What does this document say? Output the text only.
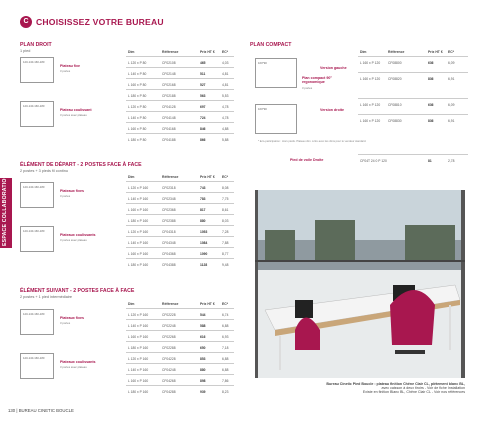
ESPACE COLLABORATION
C CHOISISSEZ VOTRE BUREAU
PLAN DROIT
1 pied
PLAN COMPACT
ÉLÉMENT DE DÉPART - 2 POSTES FACE À FACE
2 postes + 3 pieds fil continu
ÉLÉMENT SUIVANT - 2 POSTES FACE À FACE
2 postes + 1 pied intermédiaire
Bureau Cinetic Pied Boucle : plateau finition Chêne Clair CL, piètement blanc BL,
avec caisson à deux tiroirs - Voir de fiche Installation
Existe en finition Blanc BL, Chêne Clair CL - Voir nos références
130 | BUREAU CINETIC BOUCLE
Dim	Référence	Prix HT € EC*
120-140-160-180
Plateau fixe
3 portes
L 120 x P 80	CF02108	465	4,03
L 140 x P 80	CF02148	511	4,81
L 160 x P 80	CF02168	527	4,81
L 180 x P 80	CF02188	563	5,53
120-140-160-180
Plateau coulissant
3 portes avec plateau
L 120 x P 80	CF04128	697	4,78
L 140 x P 80	CF04148	724	4,78
L 160 x P 80	CF04168	846	4,88
L 180 x P 80	CF04188	866	5,88
Dim	Référence	Prix HT € EC*
120-140-160-180
Plateaux fixes
3 portes
L 120 x P 160	CF02318	743	8,08
L 140 x P 160	CF02348	783	7,75
L 160 x P 160	CF02368	817	8,61
L 180 x P 160	CF02388	880	8,03
120-140-160-180
Plateaux coulissants
3 portes avec plateau
L 120 x P 160	CF04318	1053	7,28
L 140 x P 160	CF04348	1084	7,88
L 160 x P 160	CF04368	1090	8,77
L 180 x P 160	CF04388	1128	9,48
Dim	Référence	Prix HT € EC*
120-140-160-180
Plateaux fixes
3 portes
L 120 x P 160	CF02228	544	6,74
L 140 x P 160	CF02248	588	6,88
L 160 x P 160	CF02268	616	6,93
L 180 x P 160	CF02288	650	7,18
120-140-160-180
Plateaux coulissants
3 portes avec plateau
L 120 x P 160	CF04228	853	6,88
L 140 x P 160	CF04248	880	6,88
L 160 x P 160	CF04268	898	7,86
L 180 x P 160	CF04288	939	8,23
Dim	Référence	Prix HT € EC*
L 160 x P 120 CF08800	636	6,09
Version gauche
L 160 x P 120 CF08820	836	6,91
Plan compact 90° ergonomique
3 portes
L 160 x P 120 CF08810	636	6,09
Version droite
L 160 x P 120 CF08830	836	6,91
160*90
160*90
* Eco-participation : Hors pieds. Plateau dim. à lire avec les dims pour le vendeur standard.
Pied de voile Droite	CF04T 24 0 P 120	81	2,78
